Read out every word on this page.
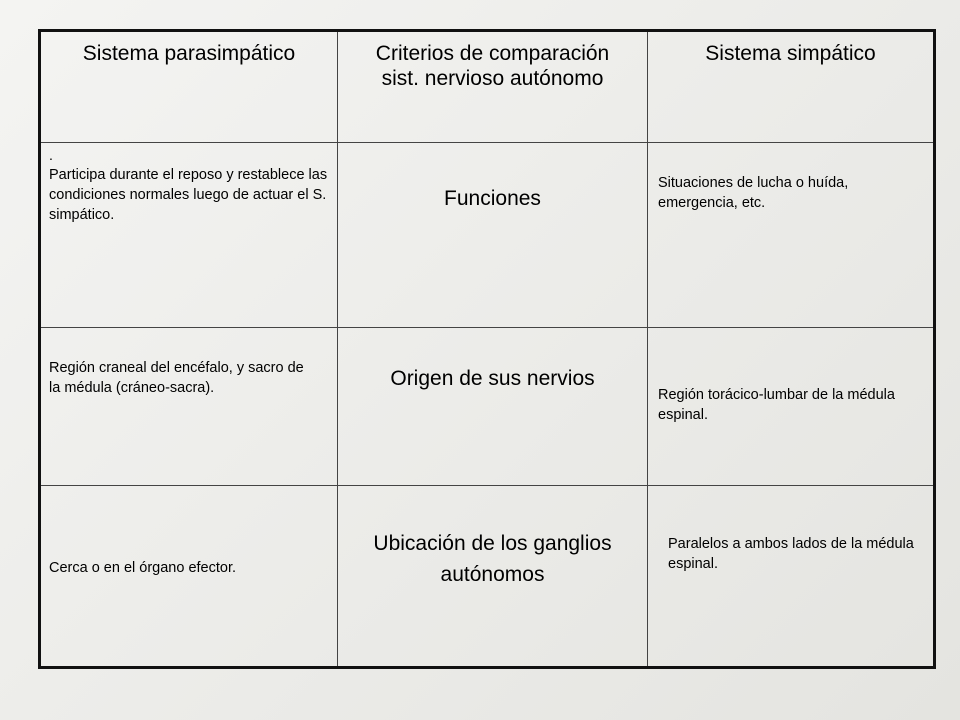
Sistema parasimpático	Criterios de comparación sist. nervioso autónomo
Sistema simpático
.
Participa durante el reposo y restablece las condiciones normales luego de actuar el S. simpático.
Funciones
Situaciones de lucha o huída, emergencia, etc.
Región craneal del encéfalo, y sacro de la médula (cráneo-sacra).	Origen de sus nervios
Región torácico-lumbar de la médula espinal.
Cerca o en el órgano efector.
Ubicación de los ganglios autónomos
Paralelos a ambos lados de la médula espinal.
